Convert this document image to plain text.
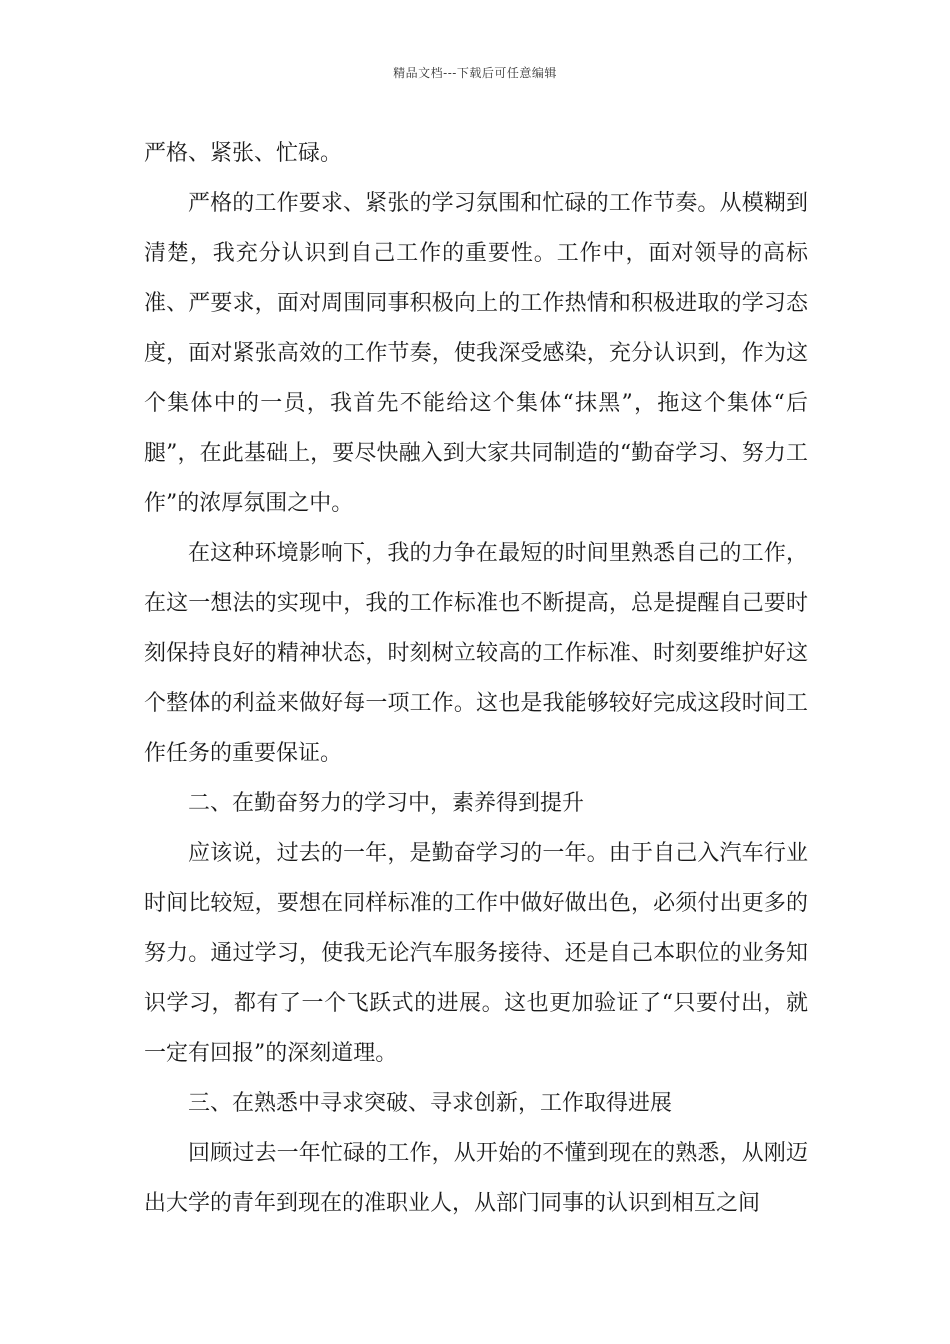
精品文档---下载后可任意编辑

严格、紧张、忙碌。

严格的工作要求、紧张的学习氛围和忙碌的工作节奏。从模糊到清楚，我充分认识到自己工作的重要性。工作中，面对领导的高标准、严要求，面对周围同事积极向上的工作热情和积极进取的学习态度，面对紧张高效的工作节奏，使我深受感染，充分认识到，作为这个集体中的一员，我首先不能给这个集体“抹黑”，拖这个集体“后腿”，在此基础上，要尽快融入到大家共同制造的“勤奋学习、努力工作”的浓厚氛围之中。

在这种环境影响下，我的力争在最短的时间里熟悉自己的工作，在这一想法的实现中，我的工作标准也不断提高，总是提醒自己要时刻保持良好的精神状态，时刻树立较高的工作标准、时刻要维护好这个整体的利益来做好每一项工作。这也是我能够较好完成这段时间工作任务的重要保证。

二、在勤奋努力的学习中，素养得到提升

应该说，过去的一年，是勤奋学习的一年。由于自己入汽车行业时间比较短，要想在同样标准的工作中做好做出色，必须付出更多的努力。通过学习，使我无论汽车服务接待、还是自己本职位的业务知识学习，都有了一个飞跃式的进展。这也更加验证了“只要付出，就一定有回报”的深刻道理。

三、在熟悉中寻求突破、寻求创新，工作取得进展

回顾过去一年忙碌的工作，从开始的不懂到现在的熟悉，从刚迈出大学的青年到现在的准职业人，从部门同事的认识到相互之间
